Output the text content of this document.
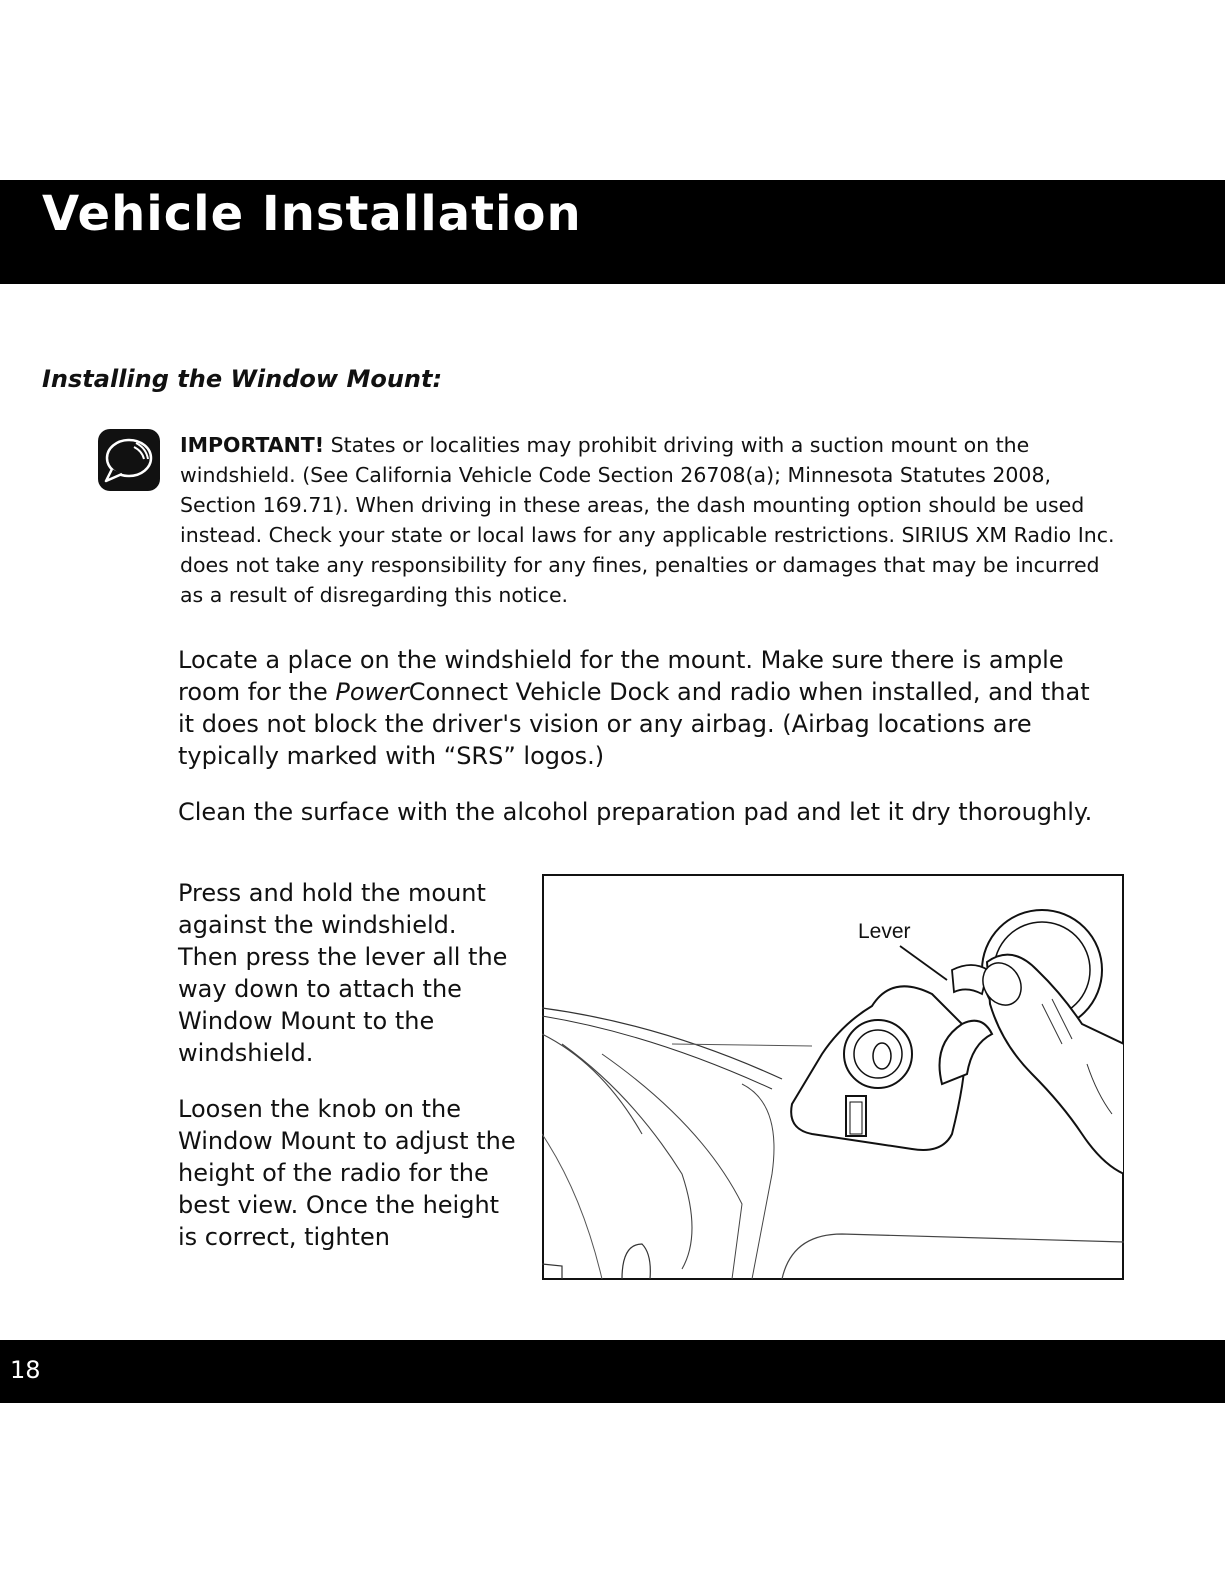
Vehicle Installation
Installing the Window Mount:
IMPORTANT! States or localities may prohibit driving with a suction mount on the windshield. (See California Vehicle Code Section 26708(a); Minnesota Statutes 2008, Section 169.71). When driving in these areas, the dash mounting option should be used instead. Check your state or local laws for any applicable restrictions. SIRIUS XM Radio Inc. does not take any responsibility for any fines, penalties or damages that may be incurred as a result of disregarding this notice.
Locate a place on the windshield for the mount. Make sure there is ample room for the PowerConnect Vehicle Dock and radio when installed, and that it does not block the driver's vision or any airbag. (Airbag locations are typically marked with “SRS” logos.)
Clean the surface with the alcohol preparation pad and let it dry thoroughly.
Press and hold the mount against the windshield. Then press the lever all the way down to attach the Window Mount to the windshield.
Loosen the knob on the Window Mount to adjust the height of the radio for the best view. Once the height is correct, tighten
Lever
18
